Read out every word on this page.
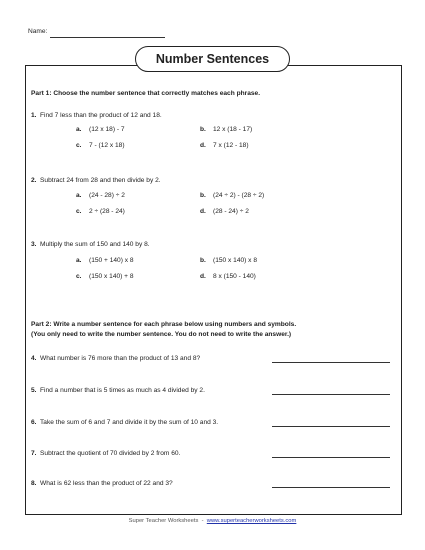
Name:
Number Sentences
Part 1: Choose the number sentence that correctly matches each phrase.
1. Find 7 less than the product of 12 and 18.
a. (12 x 18) - 7	b. 12 x (18 - 17)
c. 7 - (12 x 18)	d. 7 x (12 - 18)
2. Subtract 24 from 28 and then divide by 2.
a. (24 - 28) ÷ 2	b. (24 ÷ 2) - (28 ÷ 2)
c. 2 ÷ (28 - 24)	d. (28 - 24) ÷ 2
3. Multiply the sum of 150 and 140 by 8.
a. (150 + 140) x 8	b. (150 x 140) x 8
c. (150 x 140) + 8	d. 8 x (150 - 140)
Part 2: Write a number sentence for each phrase below using numbers and symbols.
(You only need to write the number sentence. You do not need to write the answer.)
4. What number is 76 more than the product of 13 and 8?
5. Find a number that is 5 times as much as 4 divided by 2.
6. Take the sum of 6 and 7 and divide it by the sum of 10 and 3.
7. Subtract the quotient of 70 divided by 2 from 60.
8. What is 62 less than the product of 22 and 3?
Super Teacher Worksheets - www.superteacherworksheets.com
